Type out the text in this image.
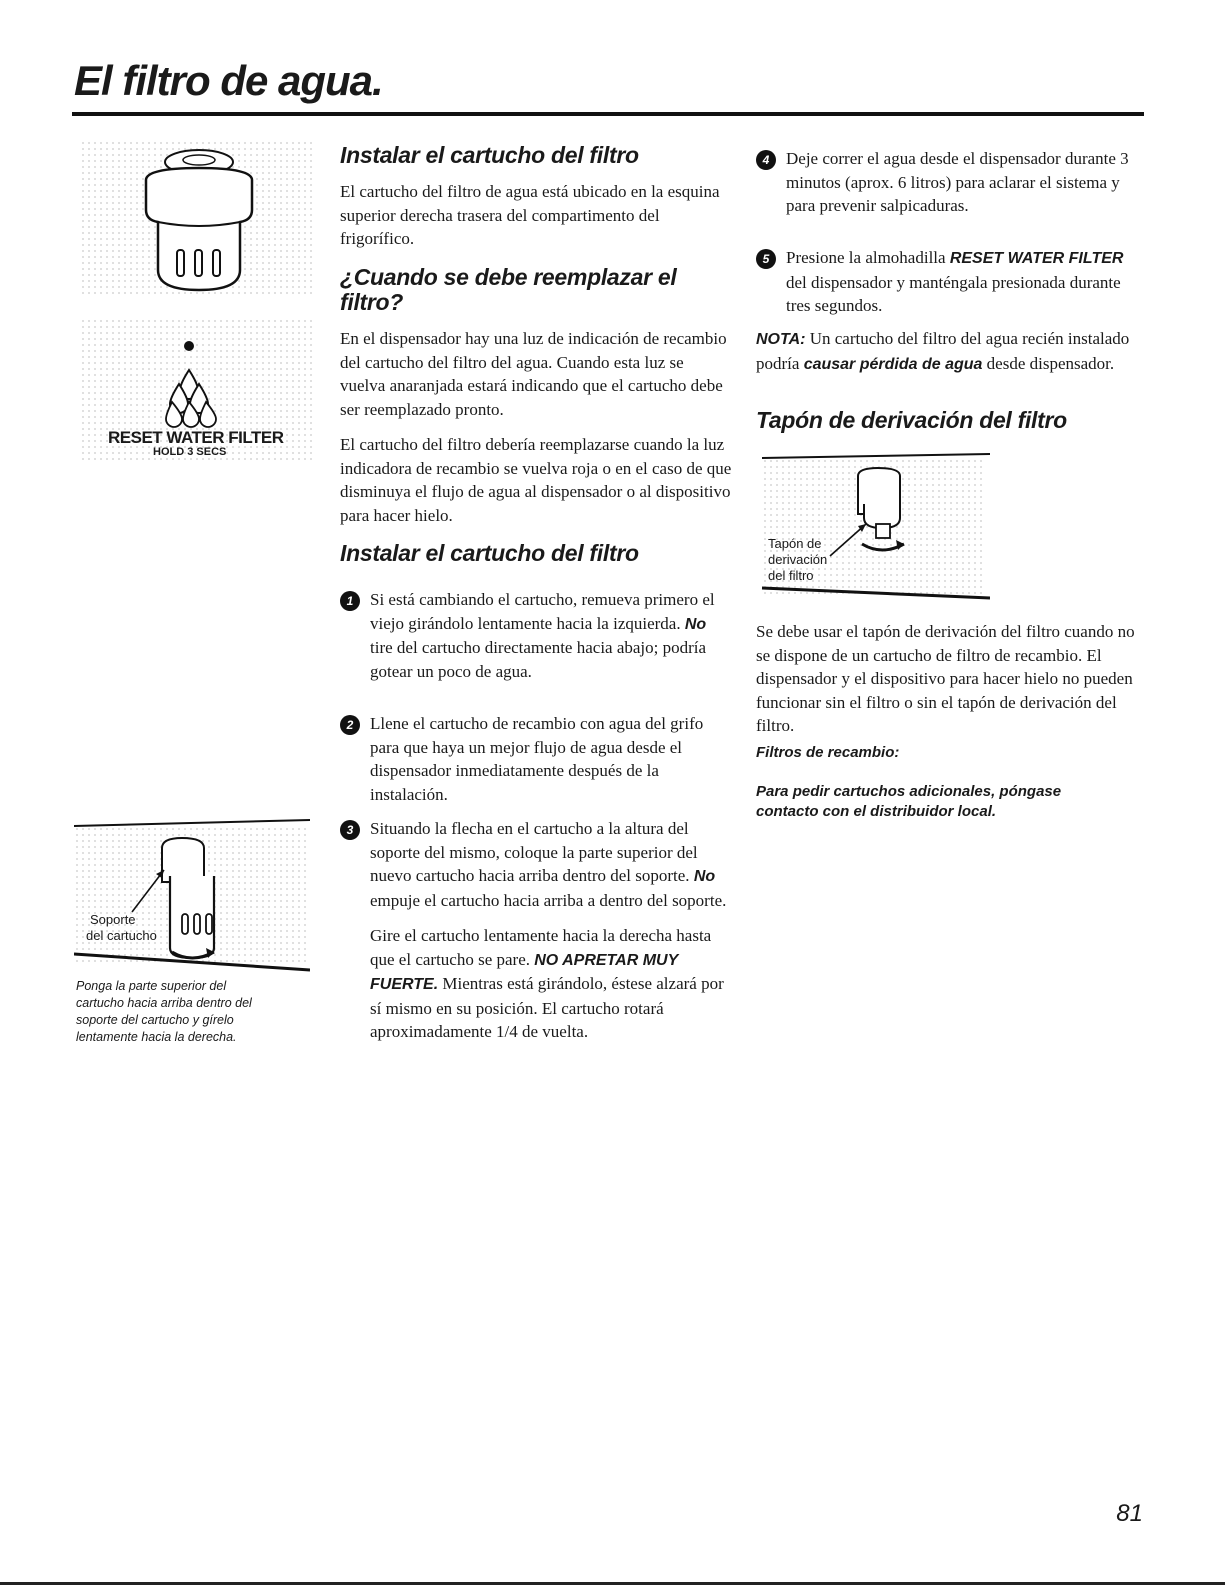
El filtro de agua.
RESET WATER FILTER
HOLD 3 SECS
Soporte
del cartucho

Ponga la parte superior del cartucho hacia arriba dentro del soporte del cartucho y gírelo lentamente hacia la derecha.

Instalar el cartucho del filtro

El cartucho del filtro de agua está ubicado en la esquina superior derecha trasera del compartimento del frigorífico.

¿Cuando se debe reemplazar el filtro?

En el dispensador hay una luz de indicación de recambio del cartucho del filtro del agua. Cuando esta luz se vuelva anaranjada estará indicando que el cartucho debe ser reemplazado pronto.

El cartucho del filtro debería reemplazarse cuando la luz indicadora de recambio se vuelva roja o en el caso de que disminuya el flujo de agua al dispensador o al dispositivo para hacer hielo.

Instalar el cartucho del filtro
1 Si está cambiando el cartucho, remueva primero el viejo girándolo lentamente hacia la izquierda. No tire del cartucho directamente hacia abajo; podría gotear un poco de agua.

2 Llene el cartucho de recambio con agua del grifo para que haya un mejor flujo de agua desde el dispensador inmediatamente después de la instalación.

3 Situando la flecha en el cartucho a la altura del soporte del mismo, coloque la parte superior del nuevo cartucho hacia arriba dentro del soporte. No empuje el cartucho hacia arriba a dentro del soporte.

Gire el cartucho lentamente hacia la derecha hasta que el cartucho se pare. NO APRETAR MUY FUERTE. Mientras está girándolo, éstese alzará por sí mismo en su posición. El cartucho rotará aproximadamente 1/4 de vuelta.

4 Deje correr el agua desde el dispensador durante 3 minutos (aprox. 6 litros) para aclarar el sistema y para prevenir salpicaduras.

5 Presione la almohadilla RESET WATER FILTER del dispensador y manténgala presionada durante tres segundos.

NOTA: Un cartucho del filtro del agua recién instalado podría causar pérdida de agua desde dispensador.

Tapón de derivación del filtro
Tapón de
derivación
del filtro

Se debe usar el tapón de derivación del filtro cuando no se dispone de un cartucho de filtro de recambio. El dispensador y el dispositivo para hacer hielo no pueden funcionar sin el filtro o sin el tapón de derivación del filtro.

Filtros de recambio:
Para pedir cartuchos adicionales, póngase contacto con el distribuidor local.
81
